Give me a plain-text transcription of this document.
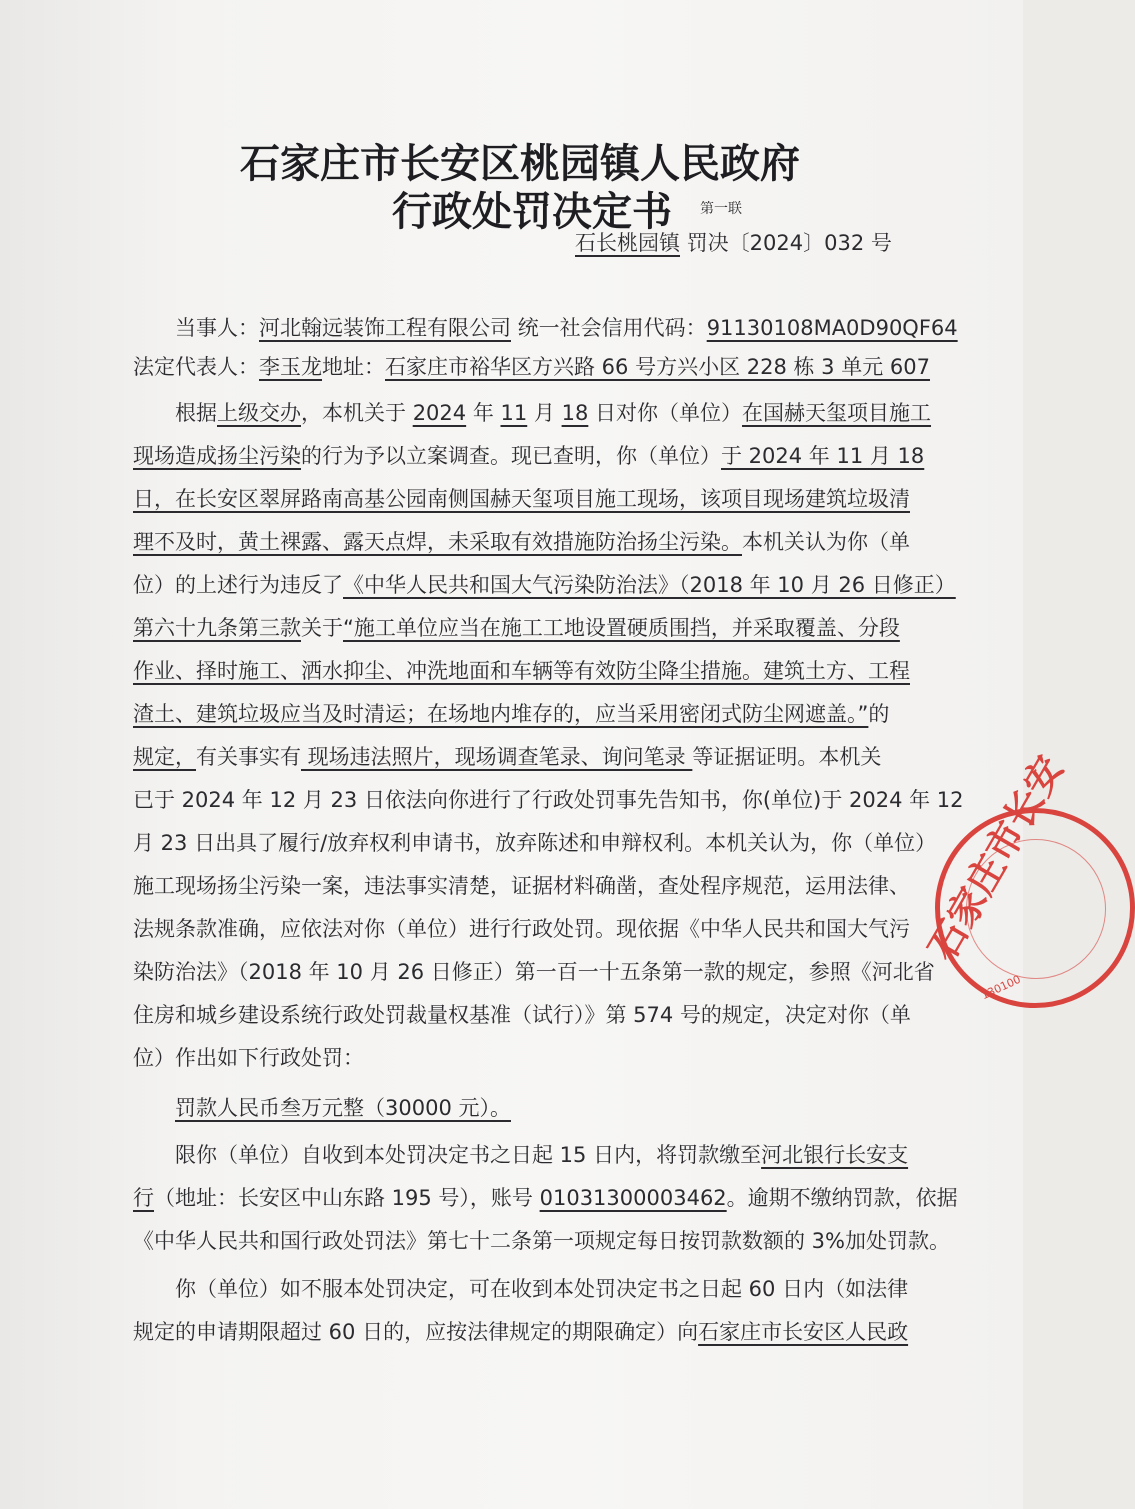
石家庄市长安区桃园镇人民政府
行政处罚决定书 第一联
石长桃园镇 罚决〔2024〕032 号
当事人：河北翰远装饰工程有限公司 统一社会信用代码：91130108MA0D90QF64
法定代表人：李玉龙地址：石家庄市裕华区方兴路 66 号方兴小区 228 栋 3 单元 607
根据上级交办，本机关于 2024 年 11 月 18 日对你（单位）在国赫天玺项目施工
现场造成扬尘污染的行为予以立案调查。现已查明，你（单位）于 2024 年 11 月 18
日，在长安区翠屏路南高基公园南侧国赫天玺项目施工现场，该项目现场建筑垃圾清
理不及时，黄土裸露、露天点焊，未采取有效措施防治扬尘污染。本机关认为你（单
位）的上述行为违反了《中华人民共和国大气污染防治法》（2018 年 10 月 26 日修正）
第六十九条第三款关于“施工单位应当在施工工地设置硬质围挡，并采取覆盖、分段
作业、择时施工、洒水抑尘、冲洗地面和车辆等有效防尘降尘措施。建筑土方、工程
渣土、建筑垃圾应当及时清运；在场地内堆存的，应当采用密闭式防尘网遮盖。”的
规定，有关事实有 现场违法照片，现场调查笔录、询问笔录 等证据证明。本机关
已于 2024 年 12 月 23 日依法向你进行了行政处罚事先告知书，你(单位)于 2024 年 12
月 23 日出具了履行/放弃权利申请书，放弃陈述和申辩权利。本机关认为，你（单位）
施工现场扬尘污染一案，违法事实清楚，证据材料确凿，查处程序规范，运用法律、
法规条款准确，应依法对你（单位）进行行政处罚。现依据《中华人民共和国大气污
染防治法》（2018 年 10 月 26 日修正）第一百一十五条第一款的规定，参照《河北省
住房和城乡建设系统行政处罚裁量权基准（试行）》第 574 号的规定，决定对你（单
位）作出如下行政处罚：
罚款人民币叁万元整（30000 元）。
限你（单位）自收到本处罚决定书之日起 15 日内，将罚款缴至河北银行长安支
行（地址：长安区中山东路 195 号），账号 01031300003462。逾期不缴纳罚款，依据
《中华人民共和国行政处罚法》第七十二条第一项规定每日按罚款数额的 3%加处罚款。
你（单位）如不服本处罚决定，可在收到本处罚决定书之日起 60 日内（如法律
规定的申请期限超过 60 日的，应按法律规定的期限确定）向石家庄市长安区人民政
石家庄市长安
130100
